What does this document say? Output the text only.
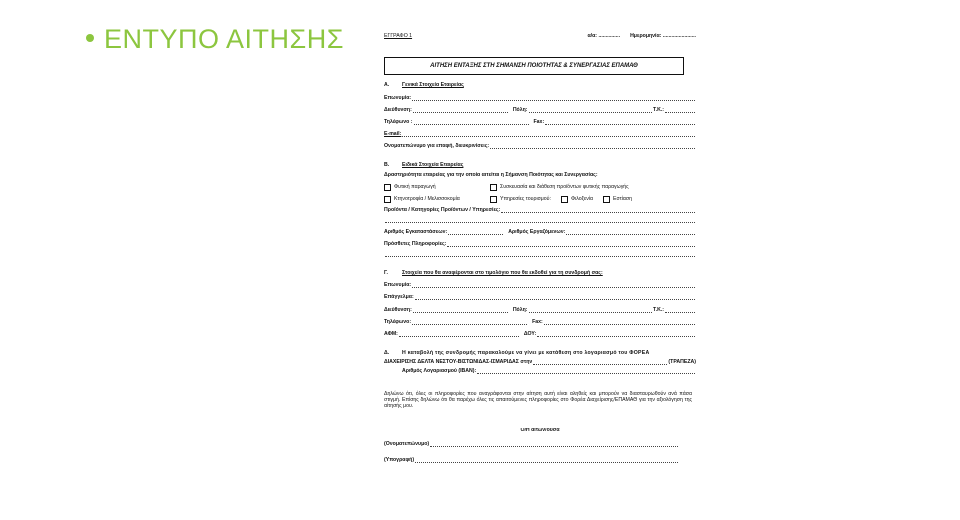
ΕΝΤΥΠΟ ΑΙΤΗΣΗΣ	ΕΓΓΡΑΦΟ 1	α/α: ............... Ημερομηνία: .......................
ΑΙΤΗΣΗ ΕΝΤΑΞΗΣ ΣΤΗ ΣΗΜΑΝΣΗ ΠΟΙΟΤΗΤΑΣ & ΣΥΝΕΡΓΑΣΙΑΣ ΕΠΑΜΑΘ
Α.	Γενικά Στοιχεία Εταιρείας
Επωνυμία:
Διεύθυνση:	Πόλη:	Τ.Κ.:
Τηλέφωνο :	Fax:
E-mail:
Ονοματεπώνυμο για επαφή, διευκρινίσεις:
Β.	Ειδικά Στοιχεία Εταιρείας
Δραστηριότητα εταιρείας για την οποία αιτείται η Σήμανση Ποιότητας και Συνεργασίας:
Φυτική παραγωγή	Συσκευασία και διάθεση προϊόντων φυτικής παραγωγής
Κτηνοτροφία / Μελισσοκομία	Υπηρεσίες τουρισμού:	Φιλοξενία	Εστίαση
Προϊόντα / Κατηγορίες Προϊόντων / Υπηρεσίες:
Αριθμός Εγκαταστάσεων:	Αριθμός Εργαζόμενων:
Πρόσθετες Πληροφορίες:
Γ.	Στοιχεία που θα αναφέρονται στο τιμολόγιο που θα εκδοθεί για τη συνδρομή σας:
Επωνυμία:
Επάγγελμα:
Διεύθυνση:	Πόλη:	Τ.Κ.:
Τηλέφωνο:	Fax:
ΑΦΜ:	ΔΟΥ:
Δ.	Η καταβολή της συνδρομής παρακαλούμε να γίνει με κατάθεση στο λογαριασμό του ΦΟΡΕΑ
ΔΙΑΧΕΙΡΙΣΗΣ ΔΕΛΤΑ ΝΕΣΤΟΥ-ΒΙΣΤΩΝΙΔΑΣ-ΙΣΜΑΡΙΔΑΣ στην	(ΤΡΑΠΕΖΑ)
Αριθμός Λογαριασμού (IBAN):
Δηλώνω ότι, όλες οι πληροφορίες που αναγράφονται στην αίτηση αυτή είναι αληθείς και μπορούν να διασταυρωθούν ανά πάσα στιγμή. Επίσης δηλώνω ότι θα παρέχω όλες τις απαιτούμενες πληροφορίες στο Φορέα Διαχείρισης/ΕΠΑΜΑΘ για την αξιολόγηση της αίτησής μου.
Ο/Η αιτών/ούσα
(Ονοματεπώνυμο)
(Υπογραφή)
